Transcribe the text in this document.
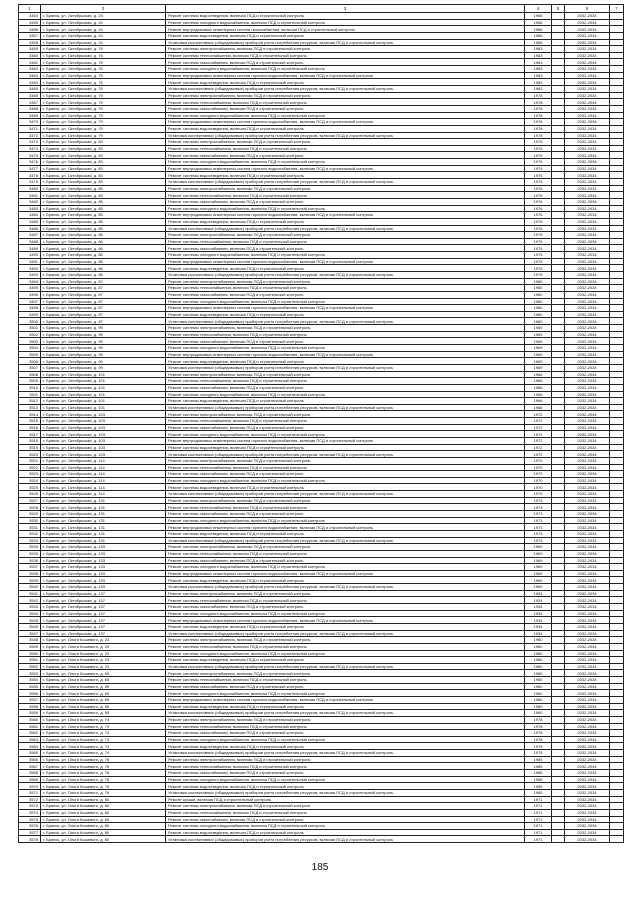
1	2	3	4	5	6	7
3454	г. Брянск, ул. Октябрьская, д. 24	Ремонт системы водоотведения, включая ПСД и строительный контроль	1966		2032-2034	
3455	г. Брянск, ул. Октябрьская, д. 24	Ремонт системы холодного водоснабжения, включая ПСД и строительный контроль	1966		2032-2034	
3456	г. Брянск, ул. Октябрьская, д. 24	Ремонт внутридомовых инженерных систем газоснабжения, включая ПСД и строительный контроль	1966		2032-2034	
3457	г. Брянск, ул. Октябрьская, д. 24	Ремонт системы водоотведения, включая ПСД и строительный контроль	1966		2032-2034	
3458	г. Брянск, ул. Октябрьская, д. 24	Установка коллективных (общедомовых) приборов учета потребления ресурсов, включая ПСД и строительный контроль	1966		2032-2034	
3459	г. Брянск, ул. Октябрьская, д. 76	Ремонт системы электроснабжения, включая ПСД и строительный контроль	1983		2032-2034	
3460	г. Брянск, ул. Октябрьская, д. 76	Ремонт системы теплоснабжения, включая ПСД и строительный контроль	1983		2032-2034	
3461	г. Брянск, ул. Октябрьская, д. 76	Ремонт системы газоснабжения, включая ПСД и строительный контроль	1983		2032-2034	
3462	г. Брянск, ул. Октябрьская, д. 76	Ремонт системы холодного водоснабжения, включая ПСД и строительный контроль	1983		2032-2034	
3463	г. Брянск, ул. Октябрьская, д. 76	Ремонт внутридомовых инженерных систем горячего водоснабжения, включая ПСД и строительный контроль	1983		2032-2034	
3464	г. Брянск, ул. Октябрьская, д. 76	Ремонт системы водоотведения, включая ПСД и строительный контроль	1983		2032-2034	
3465	г. Брянск, ул. Октябрьская, д. 76	Установка коллективных (общедомовых) приборов учета потребления ресурсов, включая ПСД и строительный контроль	1983		2032-2034	
3466	г. Брянск, ул. Октябрьская, д. 79	Ремонт системы электроснабжения, включая ПСД и строительный контроль	1978		2032-2034	
3467	г. Брянск, ул. Октябрьская, д. 79	Ремонт системы теплоснабжения, включая ПСД и строительный контроль	1978		2032-2034	
3468	г. Брянск, ул. Октябрьская, д. 79	Ремонт системы газоснабжения, включая ПСД и строительный контроль	1978		2032-2034	
3469	г. Брянск, ул. Октябрьская, д. 79	Ремонт системы холодного водоснабжения, включая ПСД и строительный контроль	1978		2032-2034	
3470	г. Брянск, ул. Октябрьская, д. 79	Ремонт внутридомовых инженерных систем горячего водоснабжения, включая ПСД и строительный контроль	1978		2032-2034	
3471	г. Брянск, ул. Октябрьская, д. 79	Ремонт системы водоотведения, включая ПСД и строительный контроль	1978		2032-2034	
3472	г. Брянск, ул. Октябрьская, д. 79	Установка коллективных (общедомовых) приборов учета потребления ресурсов, включая ПСД и строительный контроль	1978		2032-2034	
3473	г. Брянск, ул. Октябрьская, д. 83	Ремонт системы электроснабжения, включая ПСД и строительный контроль	1975		2032-2034	
3474	г. Брянск, ул. Октябрьская, д. 83	Ремонт системы теплоснабжения, включая ПСД и строительный контроль	1975		2032-2034	
3475	г. Брянск, ул. Октябрьская, д. 83	Ремонт системы газоснабжения, включая ПСД и строительный контроль	1975		2032-2034	
3476	г. Брянск, ул. Октябрьская, д. 83	Ремонт системы холодного водоснабжения, включая ПСД и строительный контроль	1975		2032-2034	
3477	г. Брянск, ул. Октябрьская, д. 83	Ремонт внутридомовых инженерных систем горячего водоснабжения, включая ПСД и строительный контроль	1975		2032-2034	
3478	г. Брянск, ул. Октябрьская, д. 83	Ремонт системы водоотведения, включая ПСД и строительный контроль	1975		2032-2034	
3479	г. Брянск, ул. Октябрьская, д. 83	Установка коллективных (общедомовых) приборов учета потребления ресурсов, включая ПСД и строительный контроль	1975		2032-2034	
3480	г. Брянск, ул. Октябрьская, д. 85	Ремонт системы электроснабжения, включая ПСД и строительный контроль	1976		2032-2034	
3481	г. Брянск, ул. Октябрьская, д. 85	Ремонт системы теплоснабжения, включая ПСД и строительный контроль	1976		2032-2034	
3482	г. Брянск, ул. Октябрьская, д. 85	Ремонт системы газоснабжения, включая ПСД и строительный контроль	1976		2032-2034	
3483	г. Брянск, ул. Октябрьская, д. 85	Ремонт системы холодного водоснабжения, включая ПСД и строительный контроль	1976		2032-2034	
3484	г. Брянск, ул. Октябрьская, д. 85	Ремонт внутридомовых инженерных систем горячего водоснабжения, включая ПСД и строительный контроль	1976		2032-2034	
3485	г. Брянск, ул. Октябрьская, д. 85	Ремонт системы водоотведения, включая ПСД и строительный контроль	1976		2032-2034	
3486	г. Брянск, ул. Октябрьская, д. 85	Установка коллективных (общедомовых) приборов учета потребления ресурсов, включая ПСД и строительный контроль	1976		2032-2034	
3487	г. Брянск, ул. Октябрьская, д. 86	Ремонт системы электроснабжения, включая ПСД и строительный контроль	1975		2032-2034	
3488	г. Брянск, ул. Октябрьская, д. 86	Ремонт системы теплоснабжения, включая ПСД и строительный контроль	1975		2032-2034	
3489	г. Брянск, ул. Октябрьская, д. 86	Ремонт системы газоснабжения, включая ПСД и строительный контроль	1975		2032-2034	
3490	г. Брянск, ул. Октябрьская, д. 86	Ремонт системы холодного водоснабжения, включая ПСД и строительный контроль	1975		2032-2034	
3491	г. Брянск, ул. Октябрьская, д. 86	Ремонт внутридомовых инженерных систем горячего водоснабжения, включая ПСД и строительный контроль	1975		2032-2034	
3492	г. Брянск, ул. Октябрьская, д. 86	Ремонт системы водоотведения, включая ПСД и строительный контроль	1975		2032-2034	
3493	г. Брянск, ул. Октябрьская, д. 86	Установка коллективных (общедомовых) приборов учета потребления ресурсов, включая ПСД и строительный контроль	1975		2032-2034	
3494	г. Брянск, ул. Октябрьская, д. 87	Ремонт системы электроснабжения, включая ПСД и строительный контроль	1980		2032-2034	
3495	г. Брянск, ул. Октябрьская, д. 87	Ремонт системы теплоснабжения, включая ПСД и строительный контроль	1980		2032-2034	
3496	г. Брянск, ул. Октябрьская, д. 87	Ремонт системы газоснабжения, включая ПСД и строительный контроль	1980		2032-2034	
3497	г. Брянск, ул. Октябрьская, д. 87	Ремонт системы холодного водоснабжения, включая ПСД и строительный контроль	1980		2032-2034	
3498	г. Брянск, ул. Октябрьская, д. 87	Ремонт внутридомовых инженерных систем горячего водоснабжения, включая ПСД и строительный контроль	1980		2032-2034	
3499	г. Брянск, ул. Октябрьская, д. 87	Ремонт системы водоотведения, включая ПСД и строительный контроль	1980		2032-2034	
3500	г. Брянск, ул. Октябрьская, д. 87	Установка коллективных (общедомовых) приборов учета потребления ресурсов, включая ПСД и строительный контроль	1980		2032-2034	
3501	г. Брянск, ул. Октябрьская, д. 99	Ремонт системы электроснабжения, включая ПСД и строительный контроль	1969		2032-2034	
3502	г. Брянск, ул. Октябрьская, д. 99	Ремонт системы теплоснабжения, включая ПСД и строительный контроль	1969		2032-2034	
3503	г. Брянск, ул. Октябрьская, д. 99	Ремонт системы газоснабжения, включая ПСД и строительный контроль	1969		2032-2034	
3504	г. Брянск, ул. Октябрьская, д. 99	Ремонт системы холодного водоснабжения, включая ПСД и строительный контроль	1969		2032-2034	
3505	г. Брянск, ул. Октябрьская, д. 99	Ремонт внутридомовых инженерных систем горячего водоснабжения, включая ПСД и строительный контроль	1969		2032-2034	
3506	г. Брянск, ул. Октябрьская, д. 99	Ремонт системы водоотведения, включая ПСД и строительный контроль	1969		2032-2034	
3507	г. Брянск, ул. Октябрьская, д. 99	Установка коллективных (общедомовых) приборов учета потребления ресурсов, включая ПСД и строительный контроль	1969		2032-2034	
3508	г. Брянск, ул. Октябрьская, д. 101	Ремонт системы электроснабжения, включая ПСД и строительный контроль	1966		2032-2034	
3509	г. Брянск, ул. Октябрьская, д. 101	Ремонт системы теплоснабжения, включая ПСД и строительный контроль	1966		2032-2034	
3510	г. Брянск, ул. Октябрьская, д. 101	Ремонт системы газоснабжения, включая ПСД и строительный контроль	1966		2032-2034	
3511	г. Брянск, ул. Октябрьская, д. 101	Ремонт системы холодного водоснабжения, включая ПСД и строительный контроль	1966		2032-2034	
3512	г. Брянск, ул. Октябрьская, д. 101	Ремонт системы водоотведения, включая ПСД и строительный контроль	1966		2032-2034	
3513	г. Брянск, ул. Октябрьская, д. 101	Установка коллективных (общедомовых) приборов учета потребления ресурсов, включая ПСД и строительный контроль	1966		2032-2034	
3514	г. Брянск, ул. Октябрьская, д. 103	Ремонт системы электроснабжения, включая ПСД и строительный контроль	1972		2032-2034	
3515	г. Брянск, ул. Октябрьская, д. 103	Ремонт системы теплоснабжения, включая ПСД и строительный контроль	1972		2032-2034	
3516	г. Брянск, ул. Октябрьская, д. 103	Ремонт системы газоснабжения, включая ПСД и строительный контроль	1972		2032-2034	
3517	г. Брянск, ул. Октябрьская, д. 103	Ремонт системы холодного водоснабжения, включая ПСД и строительный контроль	1972		2032-2034	
3518	г. Брянск, ул. Октябрьская, д. 103	Ремонт внутридомовых инженерных систем горячего водоснабжения, включая ПСД и строительный контроль	1972		2032-2034	
3519	г. Брянск, ул. Октябрьская, д. 103	Ремонт системы водоотведения, включая ПСД и строительный контроль	1972		2032-2034	
3520	г. Брянск, ул. Октябрьская, д. 103	Установка коллективных (общедомовых) приборов учета потребления ресурсов, включая ПСД и строительный контроль	1972		2032-2034	
3521	г. Брянск, ул. Октябрьская, д. 114	Ремонт системы электроснабжения, включая ПСД и строительный контроль	1970		2032-2034	
3522	г. Брянск, ул. Октябрьская, д. 114	Ремонт системы теплоснабжения, включая ПСД и строительный контроль	1970		2032-2034	
3523	г. Брянск, ул. Октябрьская, д. 114	Ремонт системы газоснабжения, включая ПСД и строительный контроль	1970		2032-2034	
3524	г. Брянск, ул. Октябрьская, д. 114	Ремонт системы холодного водоснабжения, включая ПСД и строительный контроль	1970		2032-2034	
3525	г. Брянск, ул. Октябрьская, д. 114	Ремонт системы водоотведения, включая ПСД и строительный контроль	1970		2032-2034	
3526	г. Брянск, ул. Октябрьская, д. 114	Установка коллективных (общедомовых) приборов учета потребления ресурсов, включая ПСД и строительный контроль	1970		2032-2034	
3527	г. Брянск, ул. Октябрьская, д. 131	Ремонт системы электроснабжения, включая ПСД и строительный контроль	1973		2032-2034	
3528	г. Брянск, ул. Октябрьская, д. 131	Ремонт системы теплоснабжения, включая ПСД и строительный контроль	1973		2032-2034	
3529	г. Брянск, ул. Октябрьская, д. 131	Ремонт системы газоснабжения, включая ПСД и строительный контроль	1973		2032-2034	
3530	г. Брянск, ул. Октябрьская, д. 131	Ремонт системы холодного водоснабжения, включая ПСД и строительный контроль	1973		2032-2034	
3531	г. Брянск, ул. Октябрьская, д. 131	Ремонт внутридомовых инженерных систем горячего водоснабжения, включая ПСД и строительный контроль	1973		2032-2034	
3532	г. Брянск, ул. Октябрьская, д. 131	Ремонт системы водоотведения, включая ПСД и строительный контроль	1973		2032-2034	
3533	г. Брянск, ул. Октябрьская, д. 131	Установка коллективных (общедомовых) приборов учета потребления ресурсов, включая ПСД и строительный контроль	1973		2032-2034	
3534	г. Брянск, ул. Октябрьская, д. 133	Ремонт системы электроснабжения, включая ПСД и строительный контроль	1969		2032-2034	
3535	г. Брянск, ул. Октябрьская, д. 133	Ремонт системы теплоснабжения, включая ПСД и строительный контроль	1969		2032-2034	
3536	г. Брянск, ул. Октябрьская, д. 133	Ремонт системы газоснабжения, включая ПСД и строительный контроль	1969		2032-2034	
3537	г. Брянск, ул. Октябрьская, д. 133	Ремонт системы холодного водоснабжения, включая ПСД и строительный контроль	1969		2032-2034	
3538	г. Брянск, ул. Октябрьская, д. 133	Ремонт внутридомовых инженерных систем горячего водоснабжения, включая ПСД и строительный контроль	1969		2032-2034	
3539	г. Брянск, ул. Октябрьская, д. 133	Ремонт системы водоотведения, включая ПСД и строительный контроль	1969		2032-2034	
3540	г. Брянск, ул. Октябрьская, д. 133	Установка коллективных (общедомовых) приборов учета потребления ресурсов, включая ПСД и строительный контроль	1969		2032-2034	
3541	г. Брянск, ул. Октябрьская, д. 137	Ремонт системы электроснабжения, включая ПСД и строительный контроль	1934		2032-2034	
3542	г. Брянск, ул. Октябрьская, д. 137	Ремонт системы теплоснабжения, включая ПСД и строительный контроль	1934		2032-2034	
3543	г. Брянск, ул. Октябрьская, д. 137	Ремонт системы газоснабжения, включая ПСД и строительный контроль	1934		2032-2034	
3544	г. Брянск, ул. Октябрьская, д. 137	Ремонт системы холодного водоснабжения, включая ПСД и строительный контроль	1934		2032-2034	
3545	г. Брянск, ул. Октябрьская, д. 137	Ремонт внутридомовых инженерных систем горячего водоснабжения, включая ПСД и строительный контроль	1934		2032-2034	
3546	г. Брянск, ул. Октябрьская, д. 137	Ремонт системы водоотведения, включая ПСД и строительный контроль	1934		2032-2034	
3547	г. Брянск, ул. Октябрьская, д. 137	Установка коллективных (общедомовых) приборов учета потребления ресурсов, включая ПСД и строительный контроль	1934		2032-2034	
3548	г. Брянск, ул. Ольги Кошевого, д. 23	Ремонт системы электроснабжения, включая ПСД и строительный контроль	1980		2032-2034	
3549	г. Брянск, ул. Ольги Кошевого, д. 23	Ремонт системы теплоснабжения, включая ПСД и строительный контроль	1980		2032-2034	
3550	г. Брянск, ул. Ольги Кошевого, д. 23	Ремонт системы холодного водоснабжения, включая ПСД и строительный контроль	1980		2032-2034	
3551	г. Брянск, ул. Ольги Кошевого, д. 23	Ремонт системы водоотведения, включая ПСД и строительный контроль	1980		2032-2034	
3552	г. Брянск, ул. Ольги Кошевого, д. 23	Установка коллективных (общедомовых) приборов учета потребления ресурсов, включая ПСД и строительный контроль	1980		2032-2034	
3553	г. Брянск, ул. Ольги Кошевого, д. 65	Ремонт системы электроснабжения, включая ПСД и строительный контроль	1980		2032-2034	
3554	г. Брянск, ул. Ольги Кошевого, д. 65	Ремонт системы теплоснабжения, включая ПСД и строительный контроль	1980		2032-2034	
3555	г. Брянск, ул. Ольги Кошевого, д. 65	Ремонт системы газоснабжения, включая ПСД и строительный контроль	1980		2032-2034	
3556	г. Брянск, ул. Ольги Кошевого, д. 65	Ремонт системы холодного водоснабжения, включая ПСД и строительный контроль	1980		2032-2034	
3557	г. Брянск, ул. Ольги Кошевого, д. 65	Ремонт внутридомовых инженерных систем горячего водоснабжения, включая ПСД и строительный контроль	1980		2032-2034	
3558	г. Брянск, ул. Ольги Кошевого, д. 65	Ремонт системы водоотведения, включая ПСД и строительный контроль	1980		2032-2034	
3559	г. Брянск, ул. Ольги Кошевого, д. 65	Установка коллективных (общедомовых) приборов учета потребления ресурсов, включая ПСД и строительный контроль	1980		2032-2034	
3560	г. Брянск, ул. Ольги Кошевого, д. 74	Ремонт системы электроснабжения, включая ПСД и строительный контроль	1978		2032-2034	
3561	г. Брянск, ул. Ольги Кошевого, д. 74	Ремонт системы теплоснабжения, включая ПСД и строительный контроль	1978		2032-2034	
3562	г. Брянск, ул. Ольги Кошевого, д. 74	Ремонт системы газоснабжения, включая ПСД и строительный контроль	1978		2032-2034	
3563	г. Брянск, ул. Ольги Кошевого, д. 74	Ремонт системы холодного водоснабжения, включая ПСД и строительный контроль	1978		2032-2034	
3564	г. Брянск, ул. Ольги Кошевого, д. 74	Ремонт системы водоотведения, включая ПСД и строительный контроль	1978		2032-2034	
3565	г. Брянск, ул. Ольги Кошевого, д. 74	Установка коллективных (общедомовых) приборов учета потребления ресурсов, включая ПСД и строительный контроль	1978		2032-2034	
3566	г. Брянск, ул. Ольги Кошевого, д. 76	Ремонт системы электроснабжения, включая ПСД и строительный контроль	1985		2032-2034	
3567	г. Брянск, ул. Ольги Кошевого, д. 76	Ремонт системы теплоснабжения, включая ПСД и строительный контроль	1985		2032-2034	
3568	г. Брянск, ул. Ольги Кошевого, д. 76	Ремонт системы газоснабжения, включая ПСД и строительный контроль	1985		2032-2034	
3569	г. Брянск, ул. Ольги Кошевого, д. 76	Ремонт системы холодного водоснабжения, включая ПСД и строительный контроль	1985		2032-2034	
3570	г. Брянск, ул. Ольги Кошевого, д. 76	Ремонт системы водоотведения, включая ПСД и строительный контроль	1985		2032-2034	
3571	г. Брянск, ул. Ольги Кошевого, д. 76	Установка коллективных (общедомовых) приборов учета потребления ресурсов, включая ПСД и строительный контроль	1985		2032-2034	
3572	г. Брянск, ул. Ольги Кошевого, д. 80	Ремонт крыши, включая ПСД и строительный контроль	1971		2032-2034	
3573	г. Брянск, ул. Ольги Кошевого, д. 80	Ремонт системы электроснабжения, включая ПСД и строительный контроль	1971		2032-2034	
3574	г. Брянск, ул. Ольги Кошевого, д. 80	Ремонт системы теплоснабжения, включая ПСД и строительный контроль	1971		2032-2034	
3575	г. Брянск, ул. Ольги Кошевого, д. 80	Ремонт системы газоснабжения, включая ПСД и строительный контроль	1971		2032-2034	
3576	г. Брянск, ул. Ольги Кошевого, д. 80	Ремонт системы холодного водоснабжения, включая ПСД и строительный контроль	1971		2032-2034	
3577	г. Брянск, ул. Ольги Кошевого, д. 80	Ремонт системы водоотведения, включая ПСД и строительный контроль	1971		2032-2034	
3578	г. Брянск, ул. Ольги Кошевого, д. 80	Установка коллективных (общедомовых) приборов учета потребления ресурсов, включая ПСД и строительный контроль	1971		2032-2034	
185
